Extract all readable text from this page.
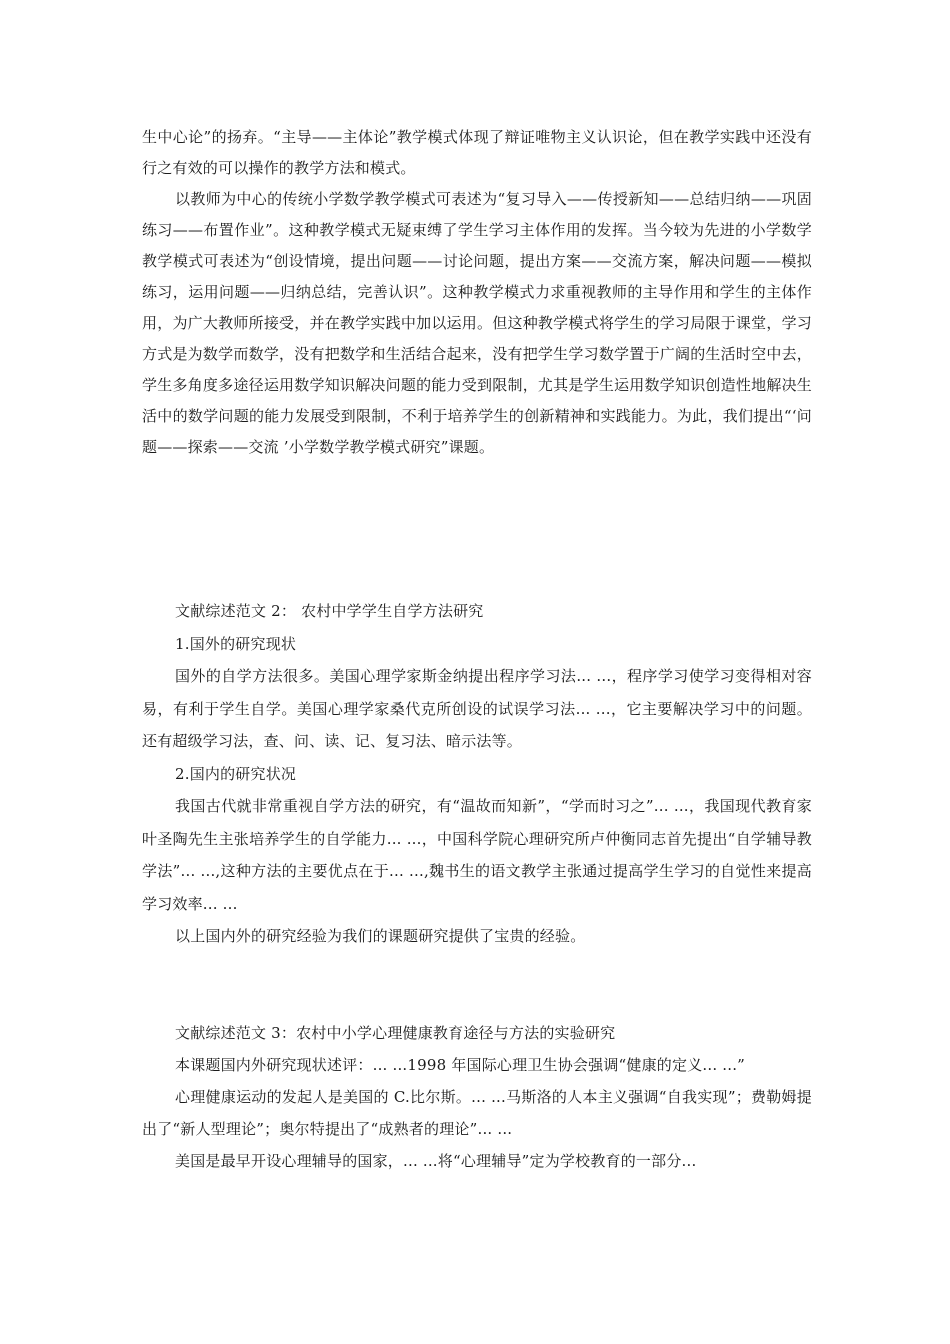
生中心论”的扬弃。“主导——主体论”教学模式体现了辩证唯物主义认识论，但在教学实践中还没有行之有效的可以操作的教学方法和模式。

以教师为中心的传统小学数学教学模式可表述为“复习导入——传授新知——总结归纳——巩固练习——布置作业”。这种教学模式无疑束缚了学生学习主体作用的发挥。当今较为先进的小学数学教学模式可表述为“创设情境，提出问题——讨论问题，提出方案——交流方案，解决问题——模拟练习，运用问题——归纳总结，完善认识”。这种教学模式力求重视教师的主导作用和学生的主体作用，为广大教师所接受，并在教学实践中加以运用。但这种教学模式将学生的学习局限于课堂，学习方式是为数学而数学，没有把数学和生活结合起来，没有把学生学习数学置于广阔的生活时空中去，学生多角度多途径运用数学知识解决问题的能力受到限制，尤其是学生运用数学知识创造性地解决生活中的数学问题的能力发展受到限制，不利于培养学生的创新精神和实践能力。为此，我们提出“‘问题——探索——交流 ’小学数学教学模式研究”课题。

文献综述范文 2： 农村中学学生自学方法研究

1.国外的研究现状

国外的自学方法很多。美国心理学家斯金纳提出程序学习法... ...，程序学习使学习变得相对容易，有利于学生自学。美国心理学家桑代克所创设的试误学习法... ...，它主要解决学习中的问题。还有超级学习法，查、问、读、记、复习法、暗示法等。

2.国内的研究状况

我国古代就非常重视自学方法的研究，有“温故而知新”，“学而时习之”... ...，我国现代教育家叶圣陶先生主张培养学生的自学能力... ...，中国科学院心理研究所卢仲衡同志首先提出“自学辅导教学法”... ...,这种方法的主要优点在于... ...,魏书生的语文教学主张通过提高学生学习的自觉性来提高学习效率... ...

以上国内外的研究经验为我们的课题研究提供了宝贵的经验。

文献综述范文 3：农村中小学心理健康教育途径与方法的实验研究

本课题国内外研究现状述评：... ...1998 年国际心理卫生协会强调“健康的定义... ...”

心理健康运动的发起人是美国的 C.比尔斯。... ...马斯洛的人本主义强调“自我实现”；费勒姆提出了“新人型理论”；奥尔特提出了“成熟者的理论”... ...

美国是最早开设心理辅导的国家，... ...将“心理辅导”定为学校教育的一部分...
